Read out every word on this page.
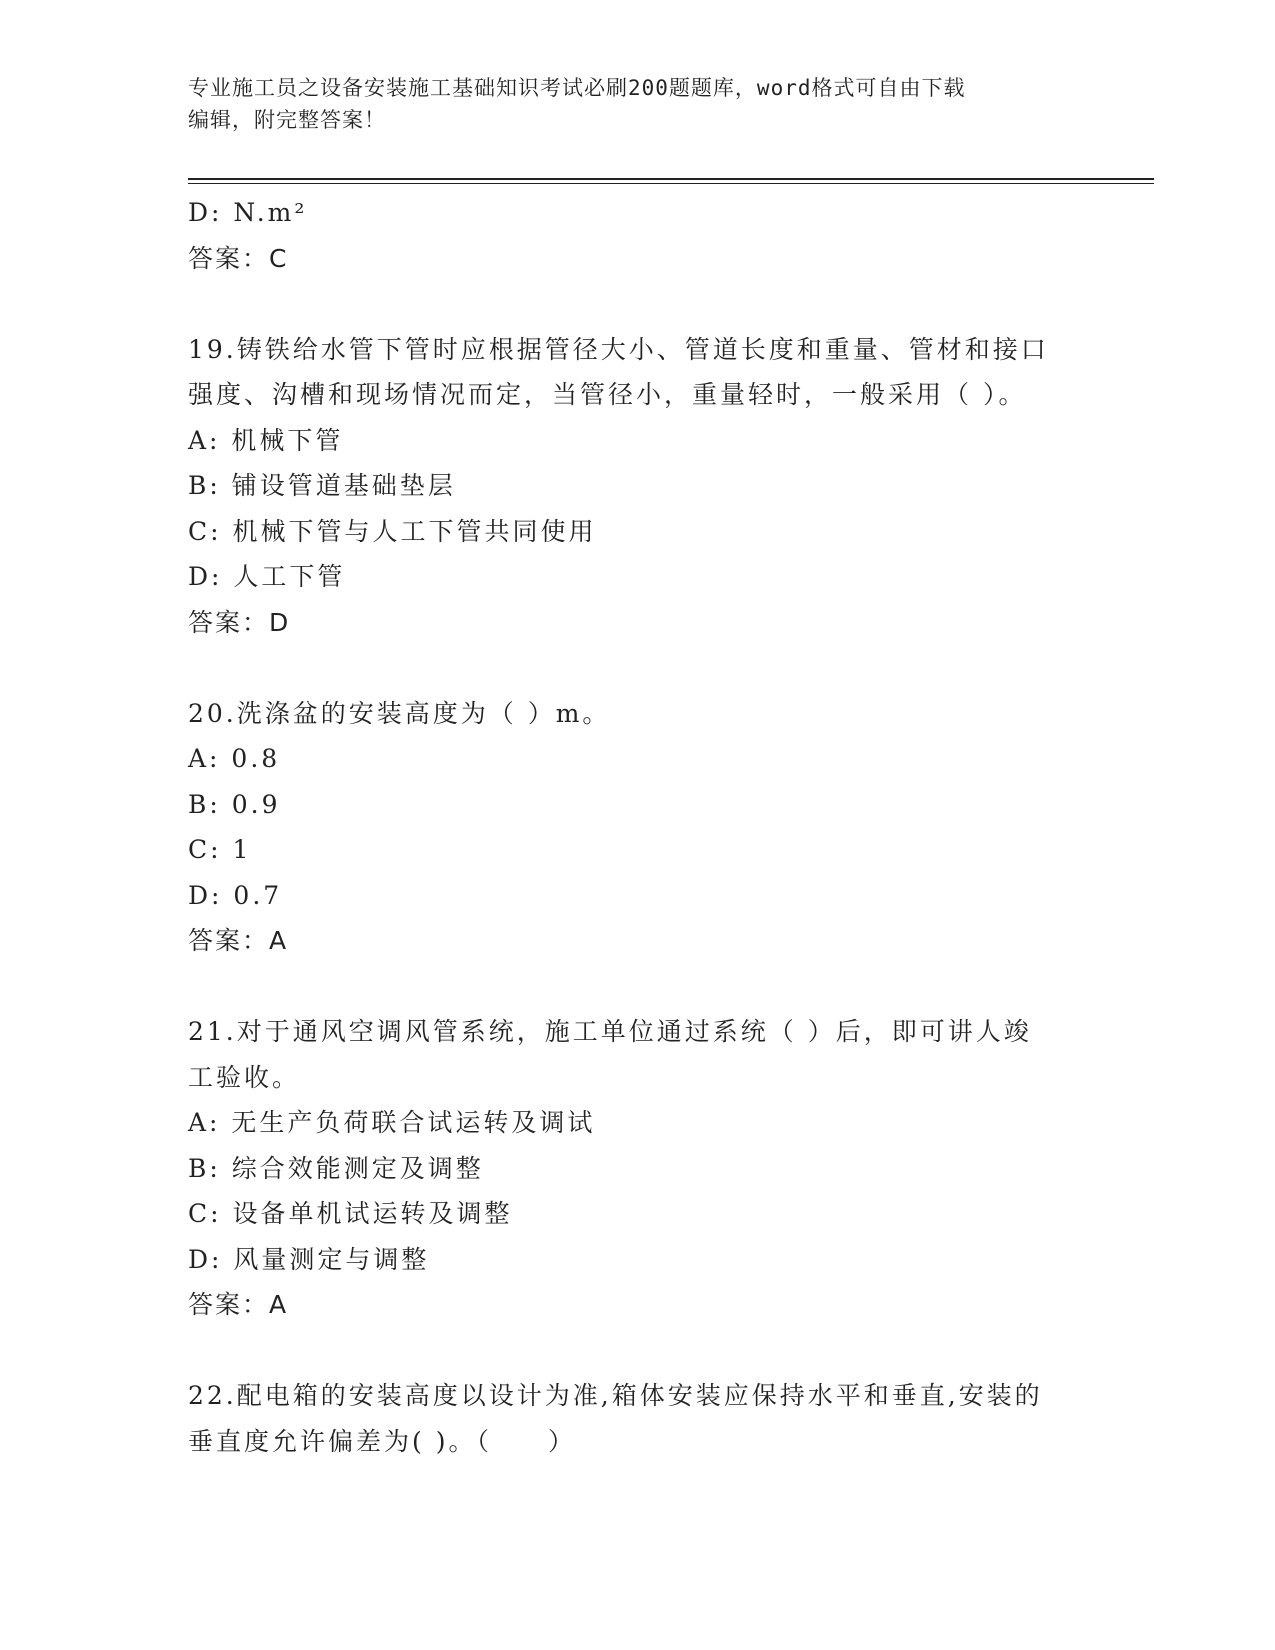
专业施工员之设备安装施工基础知识考试必刷200题题库，word格式可自由下载
编辑，附完整答案！
D: N.m²
答案：C
19.铸铁给水管下管时应根据管径大小、管道长度和重量、管材和接口
强度、沟槽和现场情况而定，当管径小，重量轻时，一般采用（ ）。
A: 机械下管
B: 铺设管道基础垫层
C: 机械下管与人工下管共同使用
D: 人工下管
答案：D
20.洗涤盆的安装高度为（ ）m。
A: 0.8
B: 0.9
C: 1
D: 0.7
答案：A
21.对于通风空调风管系统，施工单位通过系统（ ）后，即可讲人竣
工验收。
A: 无生产负荷联合试运转及调试
B: 综合效能测定及调整
C: 设备单机试运转及调整
D: 风量测定与调整
答案：A
22.配电箱的安装高度以设计为准,箱体安装应保持水平和垂直,安装的
垂直度允许偏差为( )。（　　）
